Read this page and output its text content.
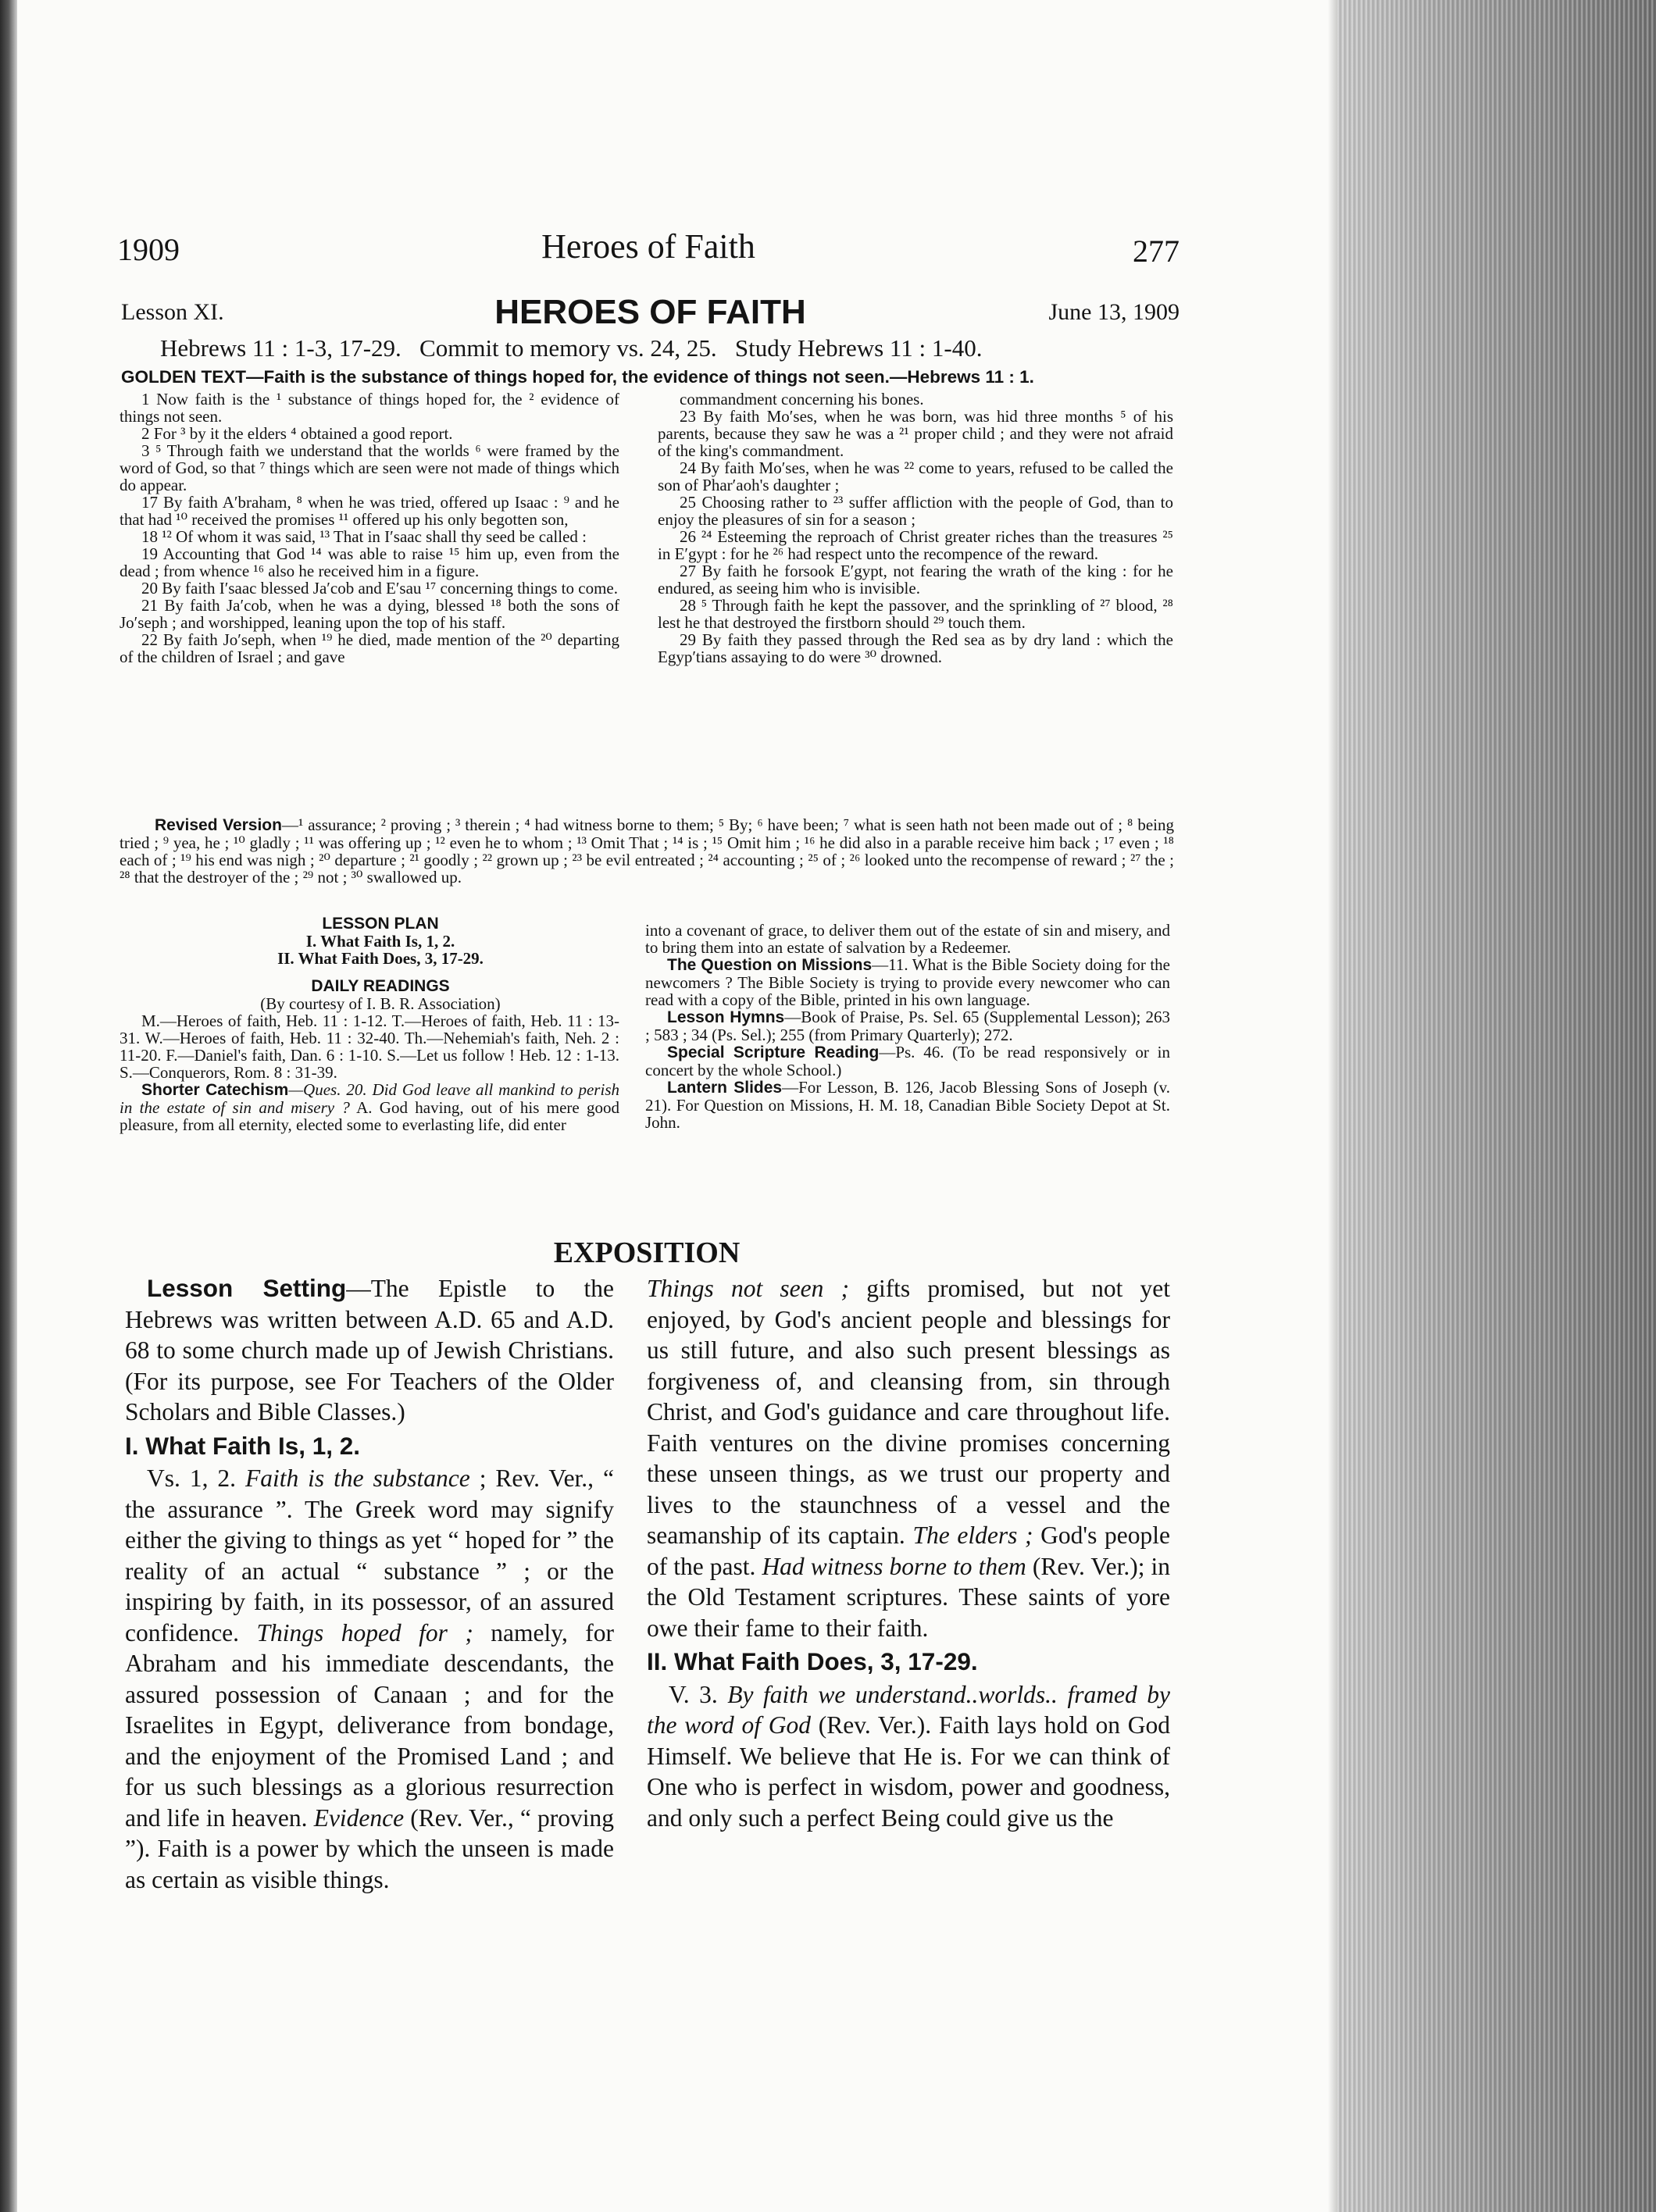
1909	Heroes of Faith	277
Lesson XI.	HEROES OF FAITH	June 13, 1909
Hebrews 11 : 1-3, 17-29.   Commit to memory vs. 24, 25.   Study Hebrews 11 : 1-40.
GOLDEN TEXT—Faith is the substance of things hoped for, the evidence of things not seen.—Hebrews 11 : 1.

1 Now faith is the ¹ substance of things hoped for, the ² evidence of things not seen.

2 For ³ by it the elders ⁴ obtained a good report.

3 ⁵ Through faith we understand that the worlds ⁶ were framed by the word of God, so that ⁷ things which are seen were not made of things which do appear.

17 By faith A′braham, ⁸ when he was tried, offered up Isaac : ⁹ and he that had ¹⁰ received the promises ¹¹ offered up his only begotten son,

18 ¹² Of whom it was said, ¹³ That in I′saac shall thy seed be called :

19 Accounting that God ¹⁴ was able to raise ¹⁵ him up, even from the dead ; from whence ¹⁶ also he received him in a figure.

20 By faith I′saac blessed Ja′cob and E′sau ¹⁷ concerning things to come.

21 By faith Ja′cob, when he was a dying, blessed ¹⁸ both the sons of Jo′seph ; and worshipped, leaning upon the top of his staff.

22 By faith Jo′seph, when ¹⁹ he died, made mention of the ²⁰ departing of the children of Israel ; and gave

commandment concerning his bones.

23 By faith Mo′ses, when he was born, was hid three months ⁵ of his parents, because they saw he was a ²¹ proper child ; and they were not afraid of the king's commandment.

24 By faith Mo′ses, when he was ²² come to years, refused to be called the son of Phar′aoh's daughter ;

25 Choosing rather to ²³ suffer affliction with the people of God, than to enjoy the pleasures of sin for a season ;

26 ²⁴ Esteeming the reproach of Christ greater riches than the treasures ²⁵ in E′gypt : for he ²⁶ had respect unto the recompence of the reward.

27 By faith he forsook E′gypt, not fearing the wrath of the king : for he endured, as seeing him who is invisible.

28 ⁵ Through faith he kept the passover, and the sprinkling of ²⁷ blood, ²⁸ lest he that destroyed the firstborn should ²⁹ touch them.

29 By faith they passed through the Red sea as by dry land : which the Egyp′tians assaying to do were ³⁰ drowned.

Revised Version—¹ assurance; ² proving ; ³ therein ; ⁴ had witness borne to them; ⁵ By; ⁶ have been; ⁷ what is seen hath not been made out of ; ⁸ being tried ; ⁹ yea, he ; ¹⁰ gladly ; ¹¹ was offering up ; ¹² even he to whom ; ¹³ Omit That ; ¹⁴ is ; ¹⁵ Omit him ; ¹⁶ he did also in a parable receive him back ; ¹⁷ even ; ¹⁸ each of ; ¹⁹ his end was nigh ; ²⁰ departure ; ²¹ goodly ; ²² grown up ; ²³ be evil entreated ; ²⁴ accounting ; ²⁵ of ; ²⁶ looked unto the recompense of reward ; ²⁷ the ; ²⁸ that the destroyer of the ; ²⁹ not ; ³⁰ swallowed up.

LESSON PLAN

I. What Faith Is, 1, 2.

II. What Faith Does, 3, 17-29.

DAILY READINGS

(By courtesy of I. B. R. Association)

M.—Heroes of faith, Heb. 11 : 1-12. T.—Heroes of faith, Heb. 11 : 13-31. W.—Heroes of faith, Heb. 11 : 32-40. Th.—Nehemiah's faith, Neh. 2 : 11-20. F.—Daniel's faith, Dan. 6 : 1-10. S.—Let us follow ! Heb. 12 : 1-13. S.—Conquerors, Rom. 8 : 31-39.

Shorter Catechism—Ques. 20. Did God leave all mankind to perish in the estate of sin and misery ? A. God having, out of his mere good pleasure, from all eternity, elected some to everlasting life, did enter

into a covenant of grace, to deliver them out of the estate of sin and misery, and to bring them into an estate of salvation by a Redeemer.

The Question on Missions—11. What is the Bible Society doing for the newcomers ? The Bible Society is trying to provide every newcomer who can read with a copy of the Bible, printed in his own language.

Lesson Hymns—Book of Praise, Ps. Sel. 65 (Supplemental Lesson); 263 ; 583 ; 34 (Ps. Sel.); 255 (from Primary Quarterly); 272.

Special Scripture Reading—Ps. 46. (To be read responsively or in concert by the whole School.)

Lantern Slides—For Lesson, B. 126, Jacob Blessing Sons of Joseph (v. 21). For Question on Missions, H. M. 18, Canadian Bible Society Depot at St. John.

EXPOSITION

Lesson Setting—The Epistle to the Hebrews was written between A.D. 65 and A.D. 68 to some church made up of Jewish Christians. (For its purpose, see For Teachers of the Older Scholars and Bible Classes.)

I. What Faith Is, 1, 2.

Vs. 1, 2. Faith is the substance ; Rev. Ver., “ the assurance ”. The Greek word may signify either the giving to things as yet “ hoped for ” the reality of an actual “ substance ” ; or the inspiring by faith, in its possessor, of an assured confidence. Things hoped for ; namely, for Abraham and his immediate descendants, the assured possession of Canaan ; and for the Israelites in Egypt, deliverance from bondage, and the enjoyment of the Promised Land ; and for us such blessings as a glorious resurrection and life in heaven. Evidence (Rev. Ver., “ proving ”). Faith is a power by which the unseen is made as certain as visible things.

Things not seen ; gifts promised, but not yet enjoyed, by God's ancient people and blessings for us still future, and also such present blessings as forgiveness of, and cleansing from, sin through Christ, and God's guidance and care throughout life. Faith ventures on the divine promises concerning these unseen things, as we trust our property and lives to the staunchness of a vessel and the seamanship of its captain. The elders ; God's people of the past. Had witness borne to them (Rev. Ver.); in the Old Testament scriptures. These saints of yore owe their fame to their faith.

II. What Faith Does, 3, 17-29.

V. 3. By faith we understand..worlds.. framed by the word of God (Rev. Ver.). Faith lays hold on God Himself. We believe that He is. For we can think of One who is perfect in wisdom, power and goodness, and only such a perfect Being could give us the
